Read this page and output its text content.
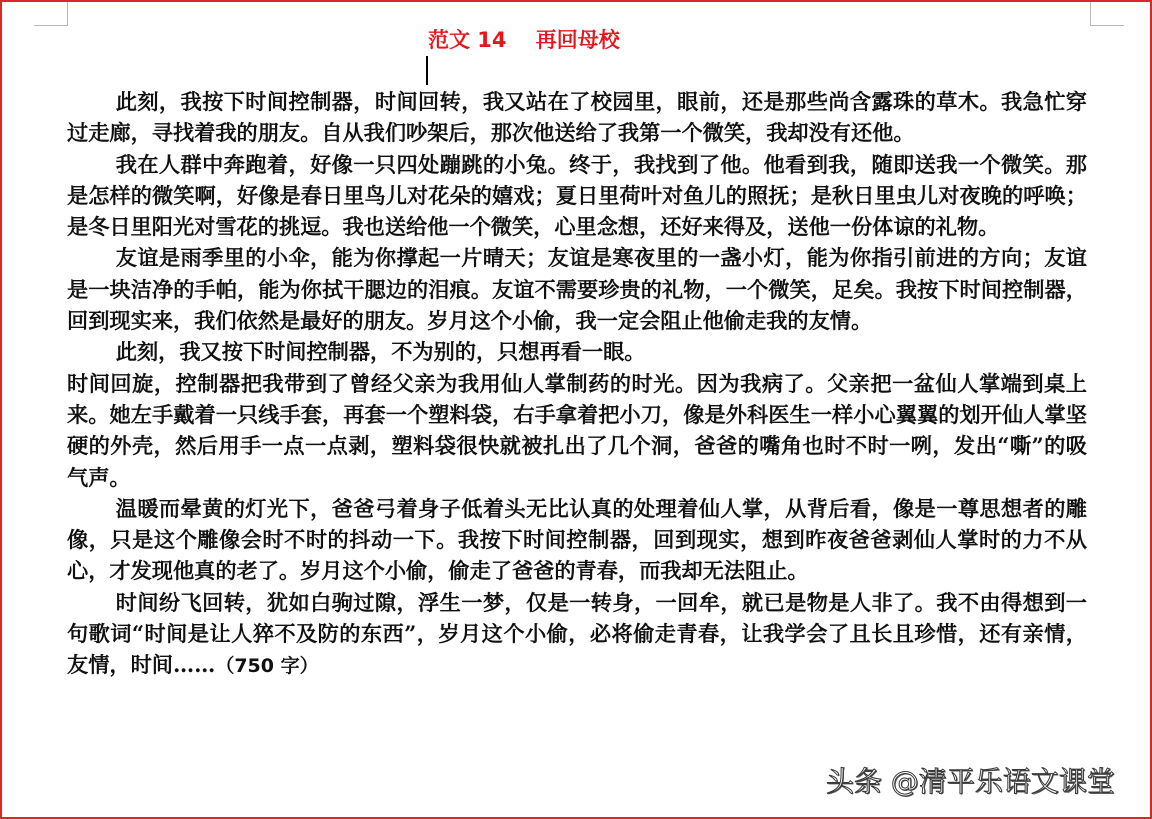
范文 14    再回母校

此刻，我按下时间控制器，时间回转，我又站在了校园里，眼前，还是那些尚含露珠的草木。我急忙穿过走廊，寻找着我的朋友。自从我们吵架后，那次他送给了我第一个微笑，我却没有还他。

我在人群中奔跑着，好像一只四处蹦跳的小兔。终于，我找到了他。他看到我，随即送我一个微笑。那是怎样的微笑啊，好像是春日里鸟儿对花朵的嬉戏；夏日里荷叶对鱼儿的照抚；是秋日里虫儿对夜晚的呼唤；是冬日里阳光对雪花的挑逗。我也送给他一个微笑，心里念想，还好来得及，送他一份体谅的礼物。

友谊是雨季里的小伞，能为你撑起一片晴天；友谊是寒夜里的一盏小灯，能为你指引前进的方向；友谊是一块洁净的手帕，能为你拭干腮边的泪痕。友谊不需要珍贵的礼物，一个微笑，足矣。我按下时间控制器，回到现实来，我们依然是最好的朋友。岁月这个小偷，我一定会阻止他偷走我的友情。

此刻，我又按下时间控制器，不为别的，只想再看一眼。

时间回旋，控制器把我带到了曾经父亲为我用仙人掌制药的时光。因为我病了。父亲把一盆仙人掌端到桌上来。她左手戴着一只线手套，再套一个塑料袋，右手拿着把小刀，像是外科医生一样小心翼翼的划开仙人掌坚硬的外壳，然后用手一点一点剥，塑料袋很快就被扎出了几个洞，爸爸的嘴角也时不时一咧，发出“嘶”的吸气声。

温暖而晕黄的灯光下，爸爸弓着身子低着头无比认真的处理着仙人掌，从背后看，像是一尊思想者的雕像，只是这个雕像会时不时的抖动一下。我按下时间控制器，回到现实，想到昨夜爸爸剥仙人掌时的力不从心，才发现他真的老了。岁月这个小偷，偷走了爸爸的青春，而我却无法阻止。

时间纷飞回转，犹如白驹过隙，浮生一梦，仅是一转身，一回牟，就已是物是人非了。我不由得想到一句歌词“时间是让人猝不及防的东西”，岁月这个小偷，必将偷走青春，让我学会了且长且珍惜，还有亲情，友情，时间……（750 字）

头条 @清平乐语文课堂
